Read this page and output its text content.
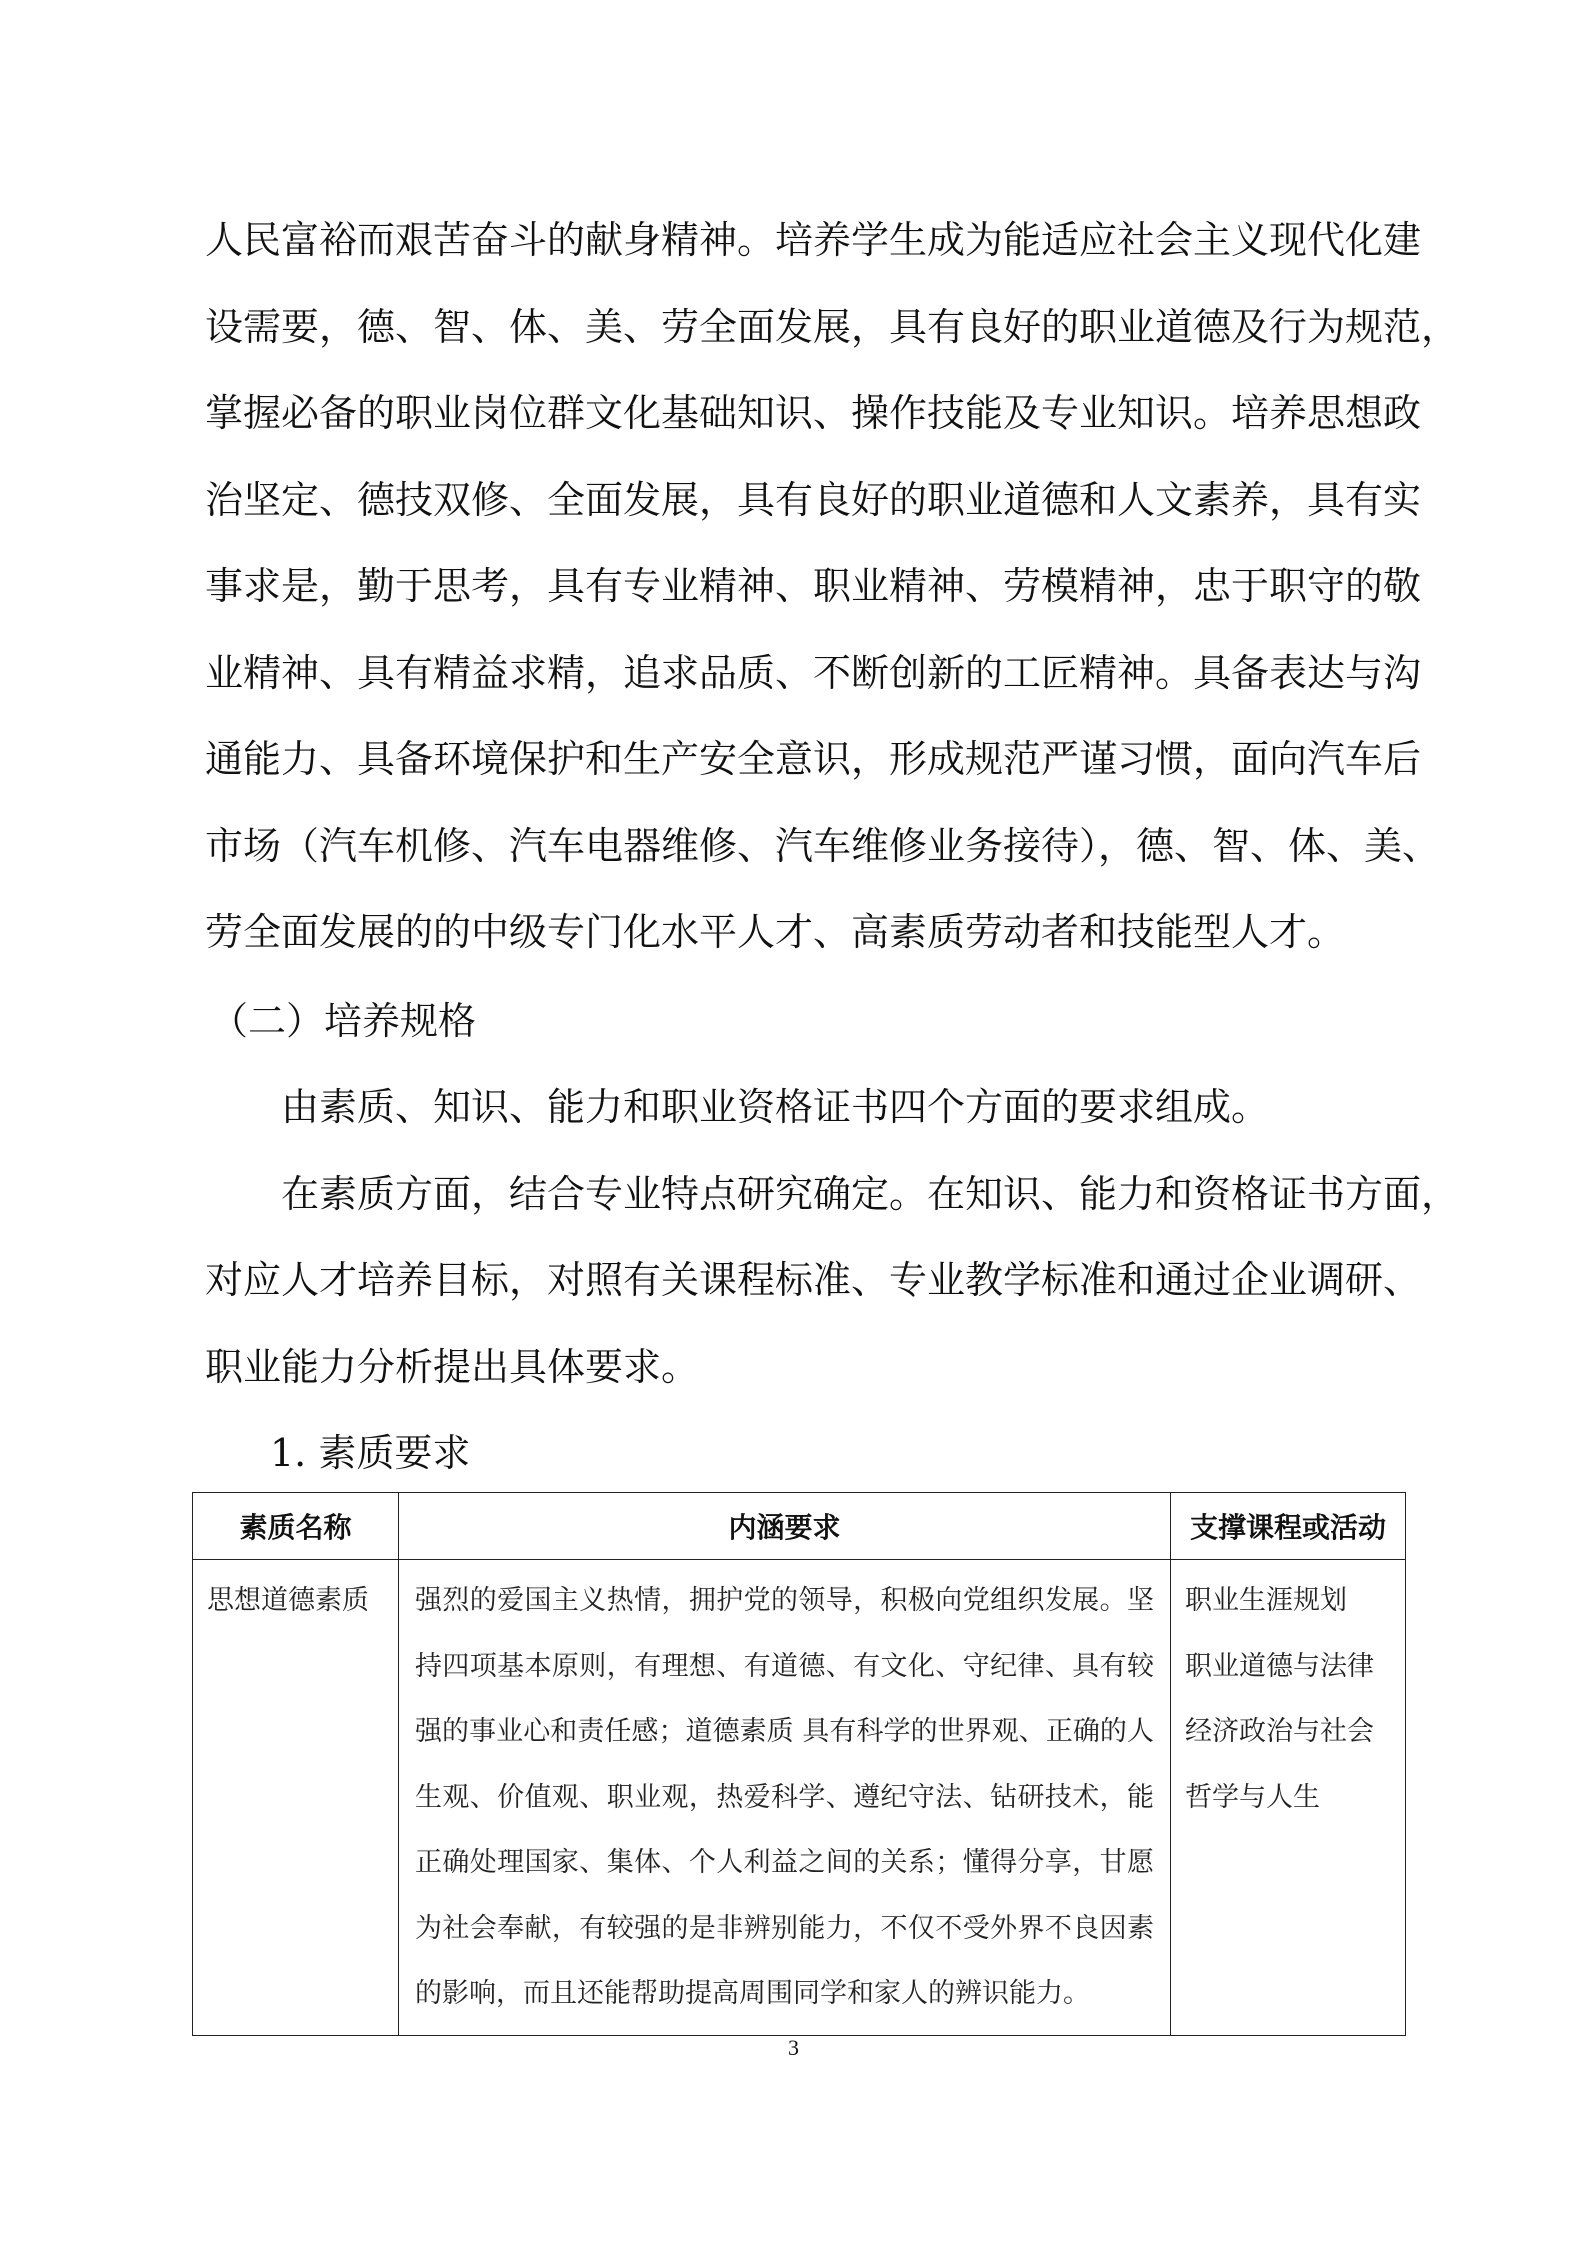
人民富裕而艰苦奋斗的献身精神。培养学生成为能适应社会主义现代化建
设需要，德、智、体、美、劳全面发展，具有良好的职业道德及行为规范，
掌握必备的职业岗位群文化基础知识、操作技能及专业知识。培养思想政
治坚定、德技双修、全面发展，具有良好的职业道德和人文素养，具有实
事求是，勤于思考，具有专业精神、职业精神、劳模精神，忠于职守的敬
业精神、具有精益求精，追求品质、不断创新的工匠精神。具备表达与沟
通能力、具备环境保护和生产安全意识，形成规范严谨习惯，面向汽车后
市场（汽车机修、汽车电器维修、汽车维修业务接待），德、智、体、美、
劳全面发展的的中级专门化水平人才、高素质劳动者和技能型人才。
（二）培养规格
由素质、知识、能力和职业资格证书四个方面的要求组成。
在素质方面，结合专业特点研究确定。在知识、能力和资格证书方面，
对应人才培养目标，对照有关课程标准、专业教学标准和通过企业调研、
职业能力分析提出具体要求。
1. 素质要求
素质名称	内涵要求	支撑课程或活动
思想道德素质	强烈的爱国主义热情，拥护党的领导，积极向党组织发展。坚持四项基本原则，有理想、有道德、有文化、守纪律、具有较强的事业心和责任感；道德素质 具有科学的世界观、正确的人生观、价值观、职业观，热爱科学、遵纪守法、钻研技术，能正确处理国家、集体、个人利益之间的关系；懂得分享，甘愿为社会奉献，有较强的是非辨别能力，不仅不受外界不良因素的影响，而且还能帮助提高周围同学和家人的辨识能力。	职业生涯规划
职业道德与法律
经济政治与社会
哲学与人生
3
